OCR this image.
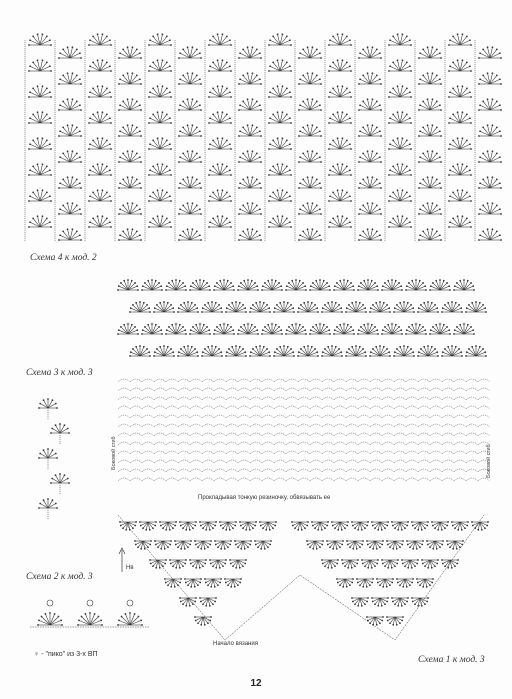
Схема 4 к мод. 2
Прокладывая тонкую резиночку, обвязывать ее
Боковой сгиб	Боковой сгиб
Нв
Начало вязания
Схема 1 к мод. 3
Схема 3 к мод. 3
Схема 2 к мод. 3
♀ - "пико" из 3-х ВП
12
